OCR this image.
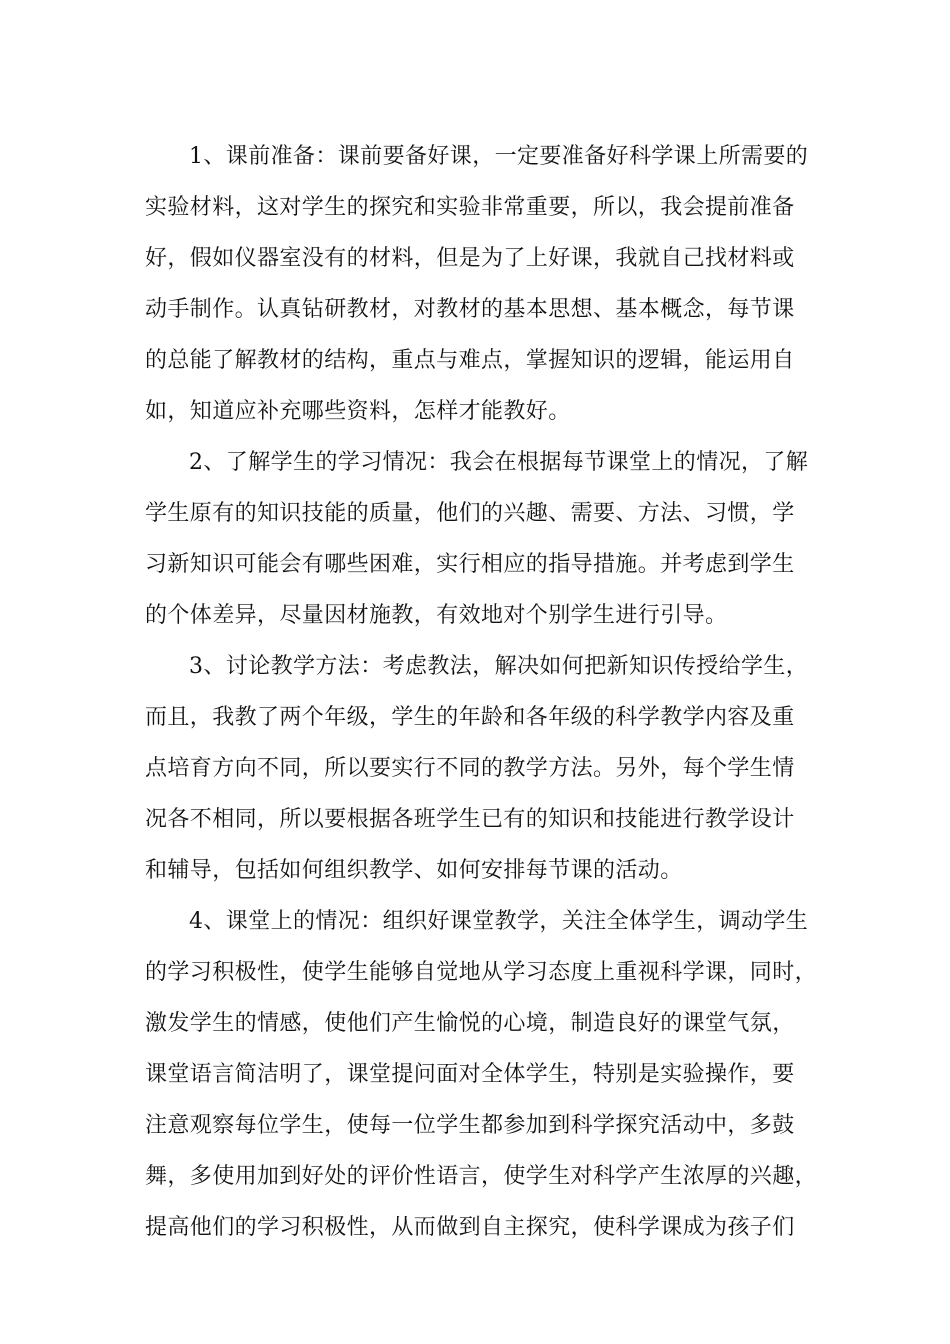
1、课前准备：课前要备好课，一定要准备好科学课上所需要的
实验材料，这对学生的探究和实验非常重要，所以，我会提前准备
好，假如仪器室没有的材料，但是为了上好课，我就自己找材料或
动手制作。认真钻研教材，对教材的基本思想、基本概念，每节课
的总能了解教材的结构，重点与难点，掌握知识的逻辑，能运用自
如，知道应补充哪些资料，怎样才能教好。
2、了解学生的学习情况：我会在根据每节课堂上的情况，了解
学生原有的知识技能的质量，他们的兴趣、需要、方法、习惯，学
习新知识可能会有哪些困难，实行相应的指导措施。并考虑到学生
的个体差异，尽量因材施教，有效地对个别学生进行引导。
3、讨论教学方法：考虑教法，解决如何把新知识传授给学生，
而且，我教了两个年级，学生的年龄和各年级的科学教学内容及重
点培育方向不同，所以要实行不同的教学方法。另外，每个学生情
况各不相同，所以要根据各班学生已有的知识和技能进行教学设计
和辅导，包括如何组织教学、如何安排每节课的活动。
4、课堂上的情况：组织好课堂教学，关注全体学生，调动学生
的学习积极性，使学生能够自觉地从学习态度上重视科学课，同时，
激发学生的情感，使他们产生愉悦的心境，制造良好的课堂气氛，
课堂语言简洁明了，课堂提问面对全体学生，特别是实验操作，要
注意观察每位学生，使每一位学生都参加到科学探究活动中，多鼓
舞，多使用加到好处的评价性语言，使学生对科学产生浓厚的兴趣，
提高他们的学习积极性，从而做到自主探究，使科学课成为孩子们
